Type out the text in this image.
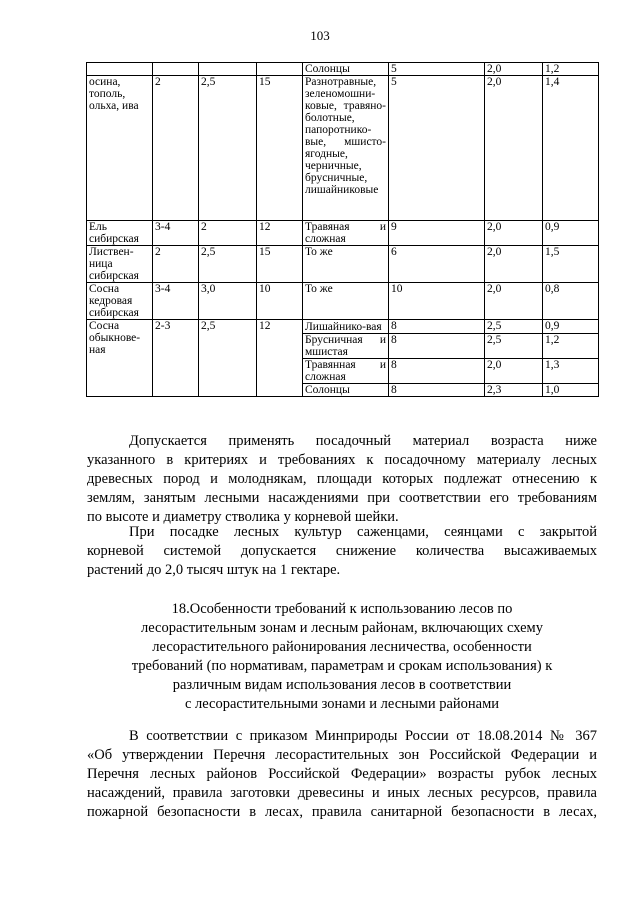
103
				Солонцы	5	2,0	1,2
осина, тополь, ольха, ива	2	2,5	15	Разнотравные, зеленомошни-ковые, травяно-болотные, папоротнико-вые, мшисто-ягодные, черничные, брусничные, лишайниковые	5	2,0	1,4
Ель сибирская	3-4	2	12	Травяная и сложная	9	2,0	0,9
Листвен-ница сибирская	2	2,5	15	То же	6	2,0	1,5
Сосна кедровая сибирская	3-4	3,0	10	То же	10	2,0	0,8
Сосна обыкнове-ная	2-3	2,5	12	Лишайнико-вая	8	2,5	0,9
				Брусничная и мшистая	8	2,5	1,2
				Травянная и сложная	8	2,0	1,3
				Солонцы	8	2,3	1,0
Допускается применять посадочный материал возраста ниже
указанного в критериях и требованиях к посадочному материалу лесных
древесных пород и молоднякам, площади которых подлежат отнесению к
землям, занятым лесными насаждениями при соответствии его требованиям
по высоте и диаметру стволика у корневой шейки.
При посадке лесных культур саженцами, сеянцами с закрытой
корневой системой допускается снижение количества высаживаемых
растений до 2,0 тысяч штук на 1 гектаре.
18.Особенности требований к использованию лесов по
лесорастительным зонам и лесным районам, включающих схему
лесорастительного районирования лесничества, особенности
требований (по нормативам, параметрам и срокам использования) к
различным видам использования лесов в соответствии
с лесорастительными зонами и лесными районами
В соответствии с приказом Минприроды России от 18.08.2014 № 367
«Об утверждении Перечня лесорастительных зон Российской Федерации и
Перечня лесных районов Российской Федерации» возрасты рубок лесных
насаждений, правила заготовки древесины и иных лесных ресурсов, правила
пожарной безопасности в лесах, правила санитарной безопасности в лесах,
